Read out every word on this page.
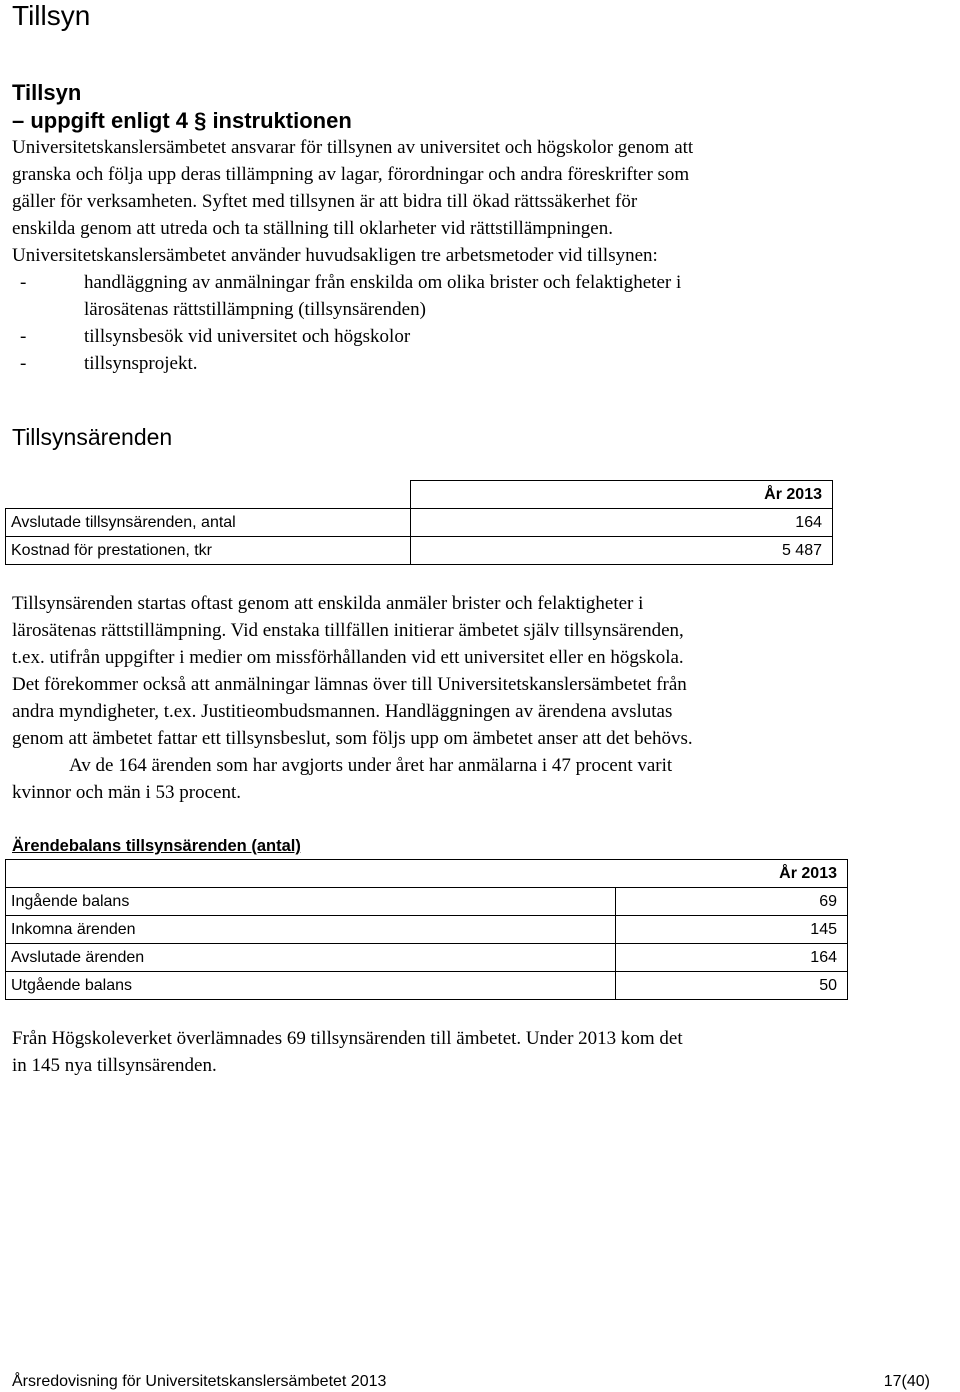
Tillsyn
Tillsyn
– uppgift enligt 4 § instruktionen
Universitetskanslersämbetet ansvarar för tillsynen av universitet och högskolor genom att
granska och följa upp deras tillämpning av lagar, förordningar och andra föreskrifter som
gäller för verksamheten. Syftet med tillsynen är att bidra till ökad rättssäkerhet för
enskilda genom att utreda och ta ställning till oklarheter vid rättstillämpningen.
Universitetskanslersämbetet använder huvudsakligen tre arbetsmetoder vid tillsynen:
-	handläggning av anmälningar från enskilda om olika brister och felaktigheter i
lärosätenas rättstillämpning (tillsynsärenden)
-	tillsynsbesök vid universitet och högskolor
-	tillsynsprojekt.
Tillsynsärenden
	År 2013
Avslutade tillsynsärenden, antal	164
Kostnad för prestationen, tkr	5 487
Tillsynsärenden startas oftast genom att enskilda anmäler brister och felaktigheter i
lärosätenas rättstillämpning. Vid enstaka tillfällen initierar ämbetet själv tillsynsärenden,
t.ex. utifrån uppgifter i medier om missförhållanden vid ett universitet eller en högskola.
Det förekommer också att anmälningar lämnas över till Universitetskanslersämbetet från
andra myndigheter, t.ex. Justitieombudsmannen. Handläggningen av ärendena avslutas
genom att ämbetet fattar ett tillsynsbeslut, som följs upp om ämbetet anser att det behövs.
Av de 164 ärenden som har avgjorts under året har anmälarna i 47 procent varit
kvinnor och män i 53 procent.
Ärendebalans tillsynsärenden (antal)
År 2013	
Ingående balans	69
Inkomna ärenden	145
Avslutade ärenden	164
Utgående balans	50
Från Högskoleverket överlämnades 69 tillsynsärenden till ämbetet. Under 2013 kom det
in 145 nya tillsynsärenden.
Årsredovisning för Universitetskanslersämbetet 2013	17(40)
